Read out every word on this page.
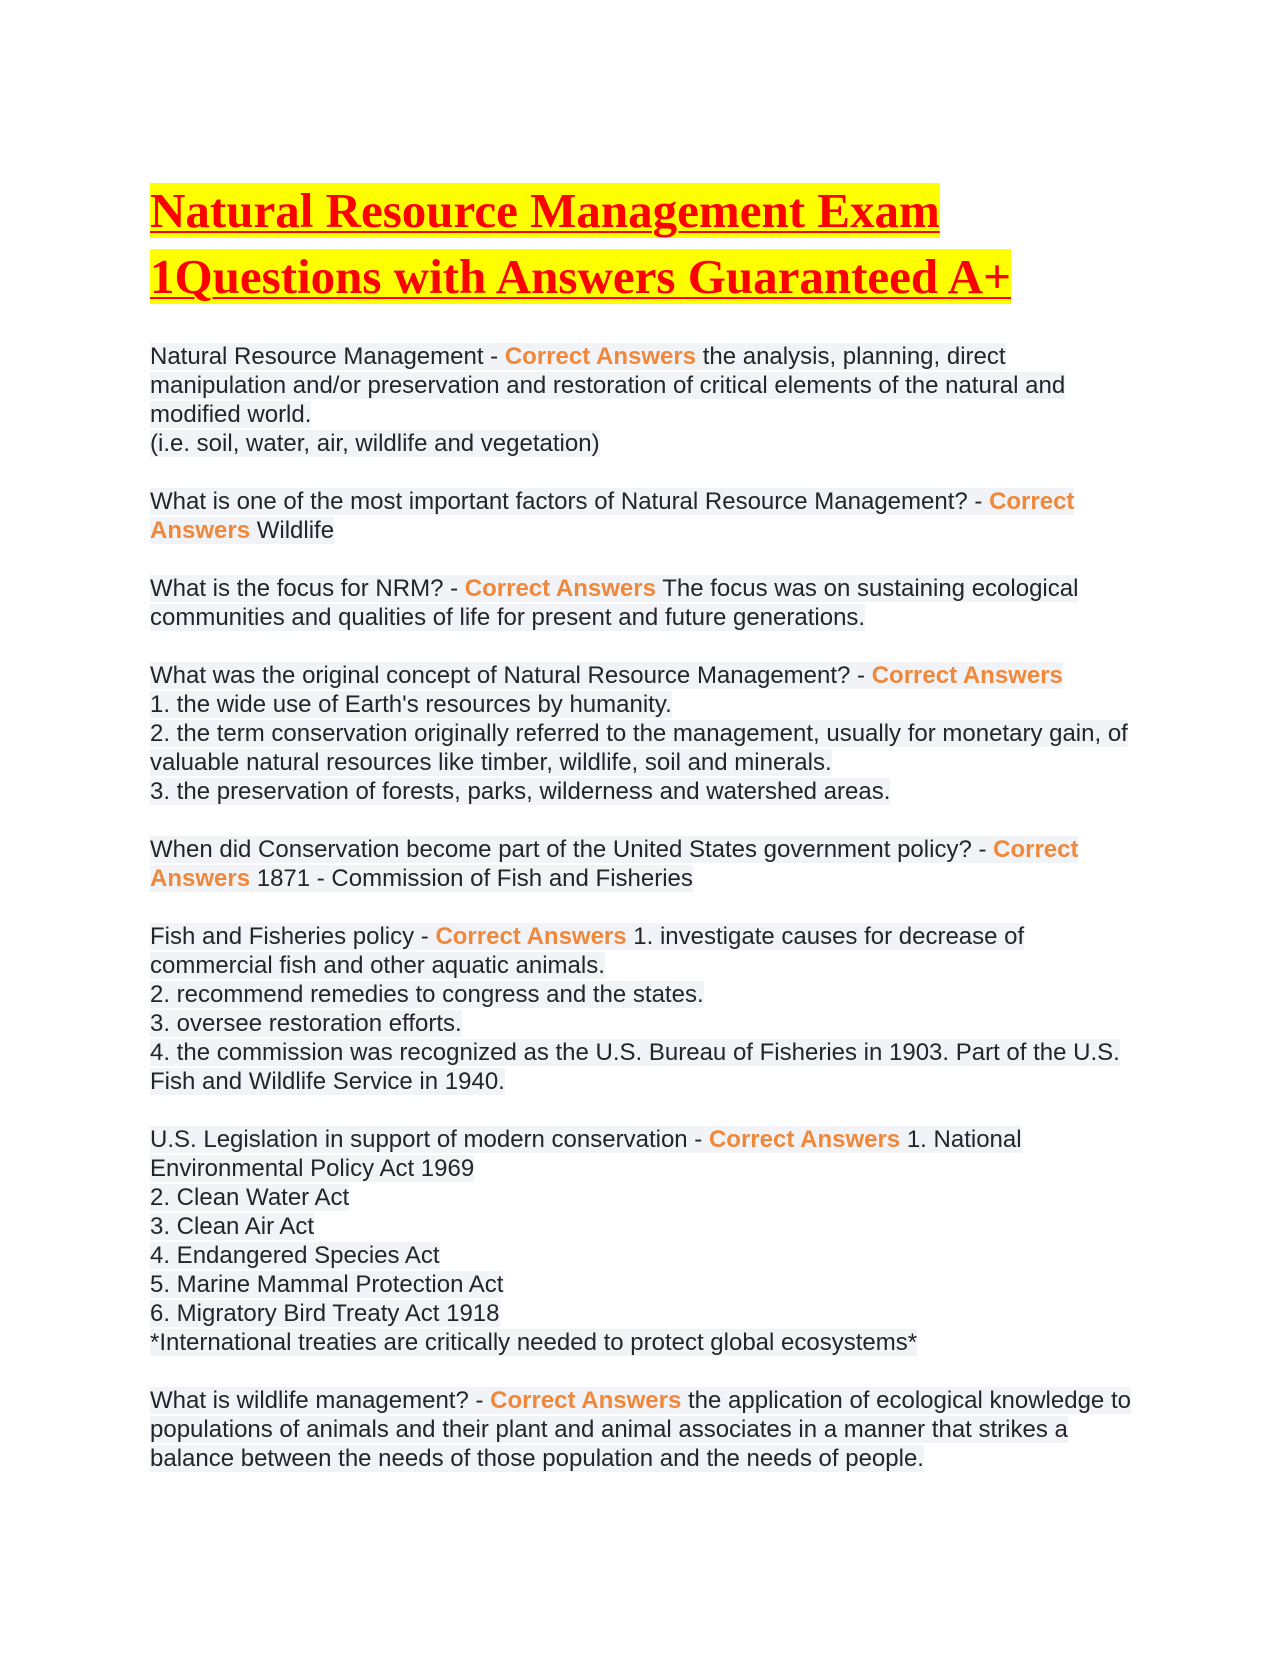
Natural Resource Management Exam
1Questions with Answers Guaranteed A+
Natural Resource Management - Correct Answers the analysis, planning, direct manipulation and/or preservation and restoration of critical elements of the natural and modified world.
(i.e. soil, water, air, wildlife and vegetation)
What is one of the most important factors of Natural Resource Management? - Correct Answers Wildlife
What is the focus for NRM? - Correct Answers The focus was on sustaining ecological communities and qualities of life for present and future generations.
What was the original concept of Natural Resource Management? - Correct Answers
1. the wide use of Earth's resources by humanity.
2. the term conservation originally referred to the management, usually for monetary gain, of valuable natural resources like timber, wildlife, soil and minerals.
3. the preservation of forests, parks, wilderness and watershed areas.
When did Conservation become part of the United States government policy? - Correct Answers 1871 - Commission of Fish and Fisheries
Fish and Fisheries policy - Correct Answers 1. investigate causes for decrease of commercial fish and other aquatic animals.
2. recommend remedies to congress and the states.
3. oversee restoration efforts.
4. the commission was recognized as the U.S. Bureau of Fisheries in 1903. Part of the U.S. Fish and Wildlife Service in 1940.
U.S. Legislation in support of modern conservation - Correct Answers 1. National Environmental Policy Act 1969
2. Clean Water Act
3. Clean Air Act
4. Endangered Species Act
5. Marine Mammal Protection Act
6. Migratory Bird Treaty Act 1918
*International treaties are critically needed to protect global ecosystems*
What is wildlife management? - Correct Answers the application of ecological knowledge to populations of animals and their plant and animal associates in a manner that strikes a balance between the needs of those population and the needs of people.
